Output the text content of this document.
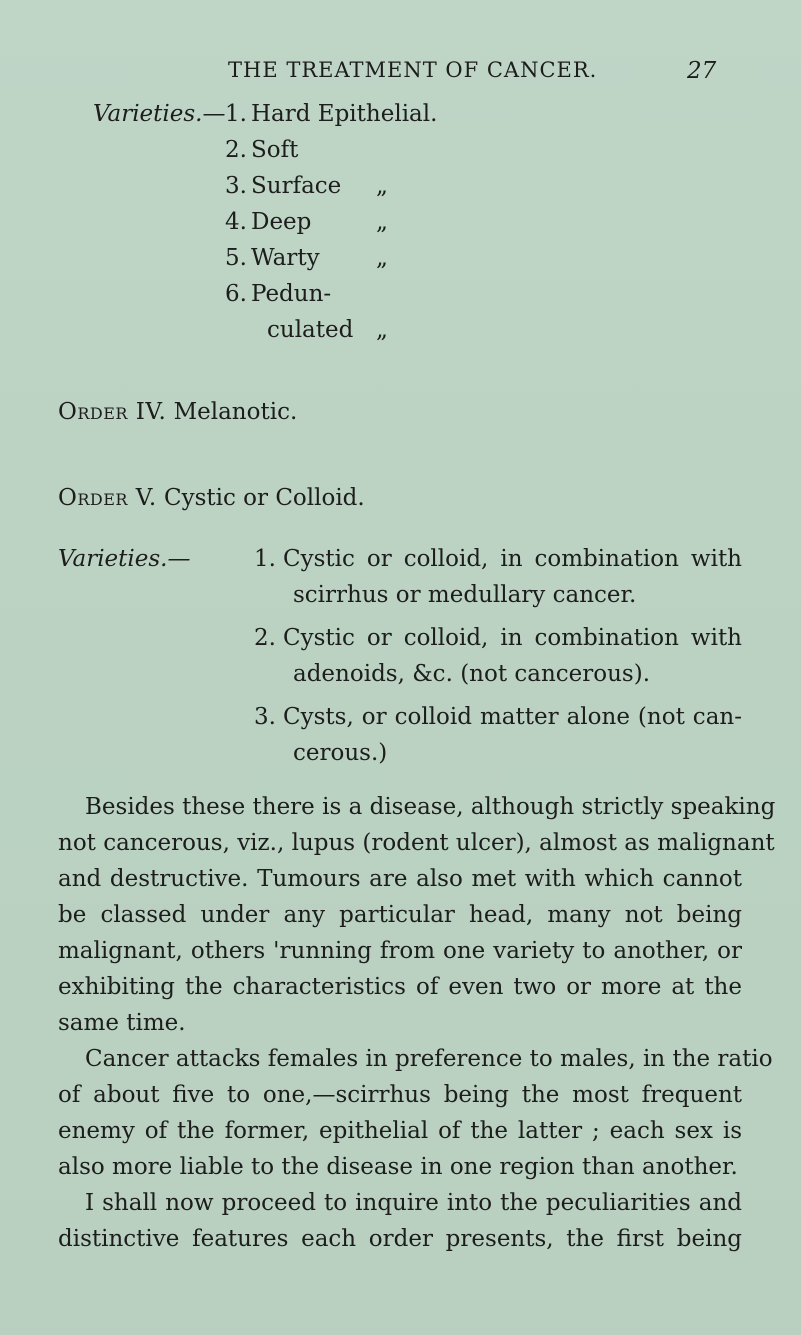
THE TREATMENT OF CANCER.	27
Varieties.— 1. Hard Epithelial.
2. Soft
3. Surface „
4. Deep	„
5. Warty „
6. Pedun-
culated „
Order IV. Melanotic.
Order V. Cystic or Colloid.
Varieties.—	1. Cystic or colloid, in combination with
scirrhus or medullary cancer.
2. Cystic or colloid, in combination with
adenoids, &c. (not cancerous).
3. Cysts, or colloid matter alone (not can-
cerous.)
Besides these there is a disease, although strictly speaking
not cancerous, viz., lupus (rodent ulcer), almost as malignant
and destructive. Tumours are also met with which cannot
be classed under any particular head, many not being
malignant, others 'running from one variety to another, or
exhibiting the characteristics of even two or more at the
same time.
Cancer attacks females in preference to males, in the ratio
of about five to one,—scirrhus being the most frequent
enemy of the former, epithelial of the latter ; each sex is
also more liable to the disease in one region than another.
I shall now proceed to inquire into the peculiarities and
distinctive features each order presents, the first being
